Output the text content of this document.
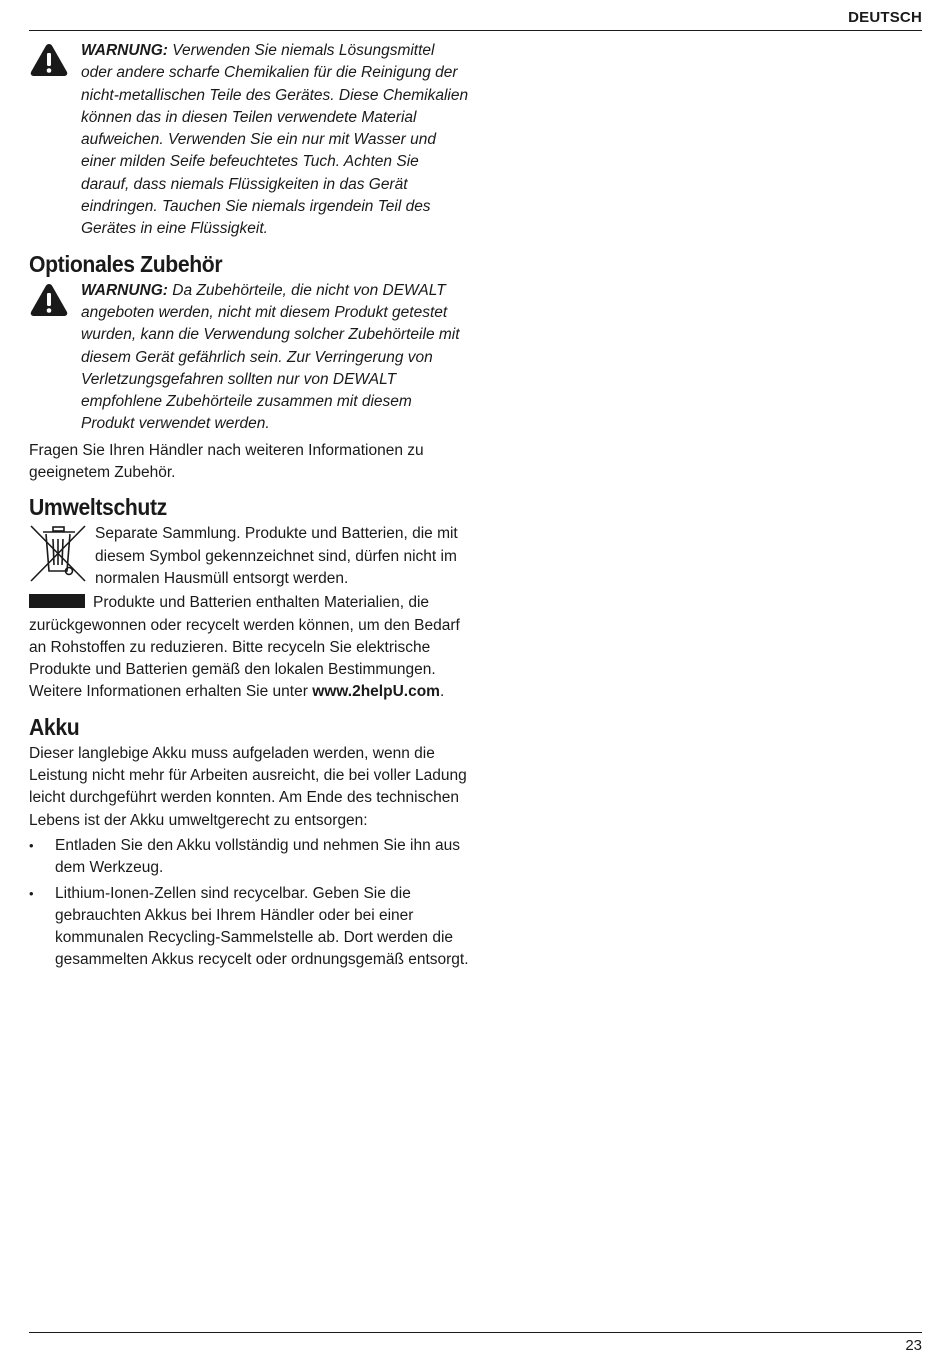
DEUTSCH

WARNUNG: Verwenden Sie niemals Lösungsmittel oder andere scharfe Chemikalien für die Reinigung der nicht-metallischen Teile des Gerätes. Diese Chemikalien können das in diesen Teilen verwendete Material aufweichen. Verwenden Sie ein nur mit Wasser und einer milden Seife befeuchtetes Tuch. Achten Sie darauf, dass niemals Flüssigkeiten in das Gerät eindringen. Tauchen Sie niemals irgendein Teil des Gerätes in eine Flüssigkeit.

Optionales Zubehör

WARNUNG: Da Zubehörteile, die nicht von DEWALT angeboten werden, nicht mit diesem Produkt getestet wurden, kann die Verwendung solcher Zubehörteile mit diesem Gerät gefährlich sein. Zur Verringerung von Verletzungsgefahren sollten nur von DEWALT empfohlene Zubehörteile zusammen mit diesem Produkt verwendet werden.

Fragen Sie Ihren Händler nach weiteren Informationen zu geeignetem Zubehör.

Umweltschutz

Separate Sammlung. Produkte und Batterien, die mit diesem Symbol gekennzeichnet sind, dürfen nicht im normalen Hausmüll entsorgt werden.

Produkte und Batterien enthalten Materialien, die zurückgewonnen oder recycelt werden können, um den Bedarf an Rohstoffen zu reduzieren. Bitte recyceln Sie elektrische Produkte und Batterien gemäß den lokalen Bestimmungen. Weitere Informationen erhalten Sie unter www.2helpU.com.

Akku

Dieser langlebige Akku muss aufgeladen werden, wenn die Leistung nicht mehr für Arbeiten ausreicht, die bei voller Ladung leicht durchgeführt werden konnten. Am Ende des technischen Lebens ist der Akku umweltgerecht zu entsorgen:

• Entladen Sie den Akku vollständig und nehmen Sie ihn aus dem Werkzeug.
• Lithium-Ionen-Zellen sind recycelbar. Geben Sie die gebrauchten Akkus bei Ihrem Händler oder bei einer kommunalen Recycling-Sammelstelle ab. Dort werden die gesammelten Akkus recycelt oder ordnungsgemäß entsorgt.
23
